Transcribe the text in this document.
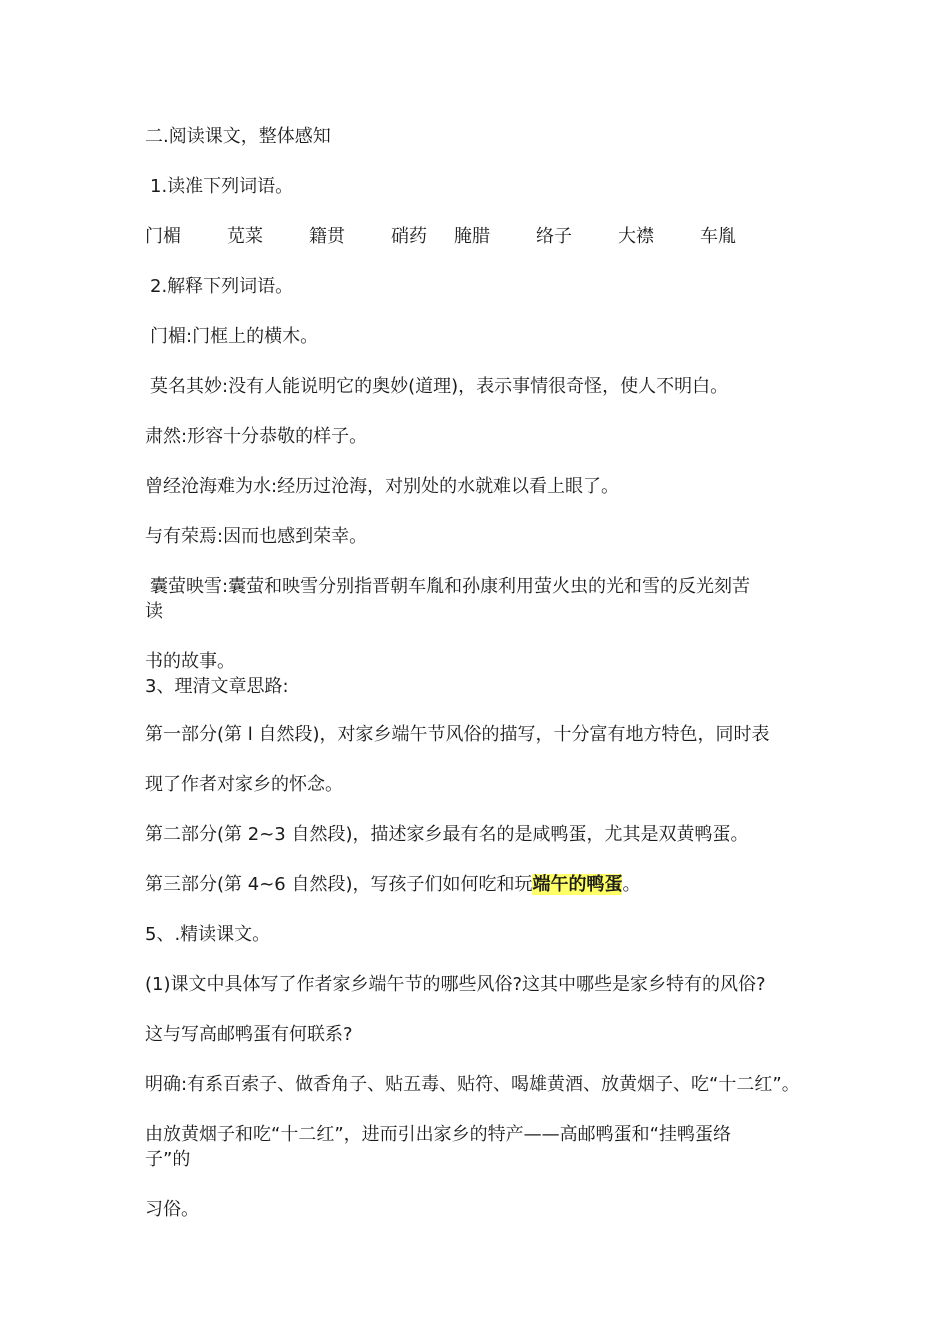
二.阅读课文，整体感知
1.读准下列词语。
门楣	苋菜	籍贯	硝药 腌腊	络子	大襟	车胤
2.解释下列词语。
门楣:门框上的横木。
莫名其妙:没有人能说明它的奥妙(道理)，表示事情很奇怪，使人不明白。
肃然:形容十分恭敬的样子。
曾经沧海难为水:经历过沧海，对别处的水就难以看上眼了。
与有荣焉:因而也感到荣幸。
囊萤映雪:囊萤和映雪分别指晋朝车胤和孙康利用萤火虫的光和雪的反光刻苦
读
书的故事。
3、理清文章思路:
第一部分(第 l 自然段)，对家乡端午节风俗的描写，十分富有地方特色，同时表
现了作者对家乡的怀念。
第二部分(第 2~3 自然段)，描述家乡最有名的是咸鸭蛋，尤其是双黄鸭蛋。
第三部分(第 4~6 自然段)，写孩子们如何吃和玩端午的鸭蛋。
5、.精读课文。
(1)课文中具体写了作者家乡端午节的哪些风俗?这其中哪些是家乡特有的风俗?
这与写高邮鸭蛋有何联系?
明确:有系百索子、做香角子、贴五毒、贴符、喝雄黄酒、放黄烟子、吃“十二红”。
由放黄烟子和吃“十二红”，进而引出家乡的特产——高邮鸭蛋和“挂鸭蛋络
子”的
习俗。
